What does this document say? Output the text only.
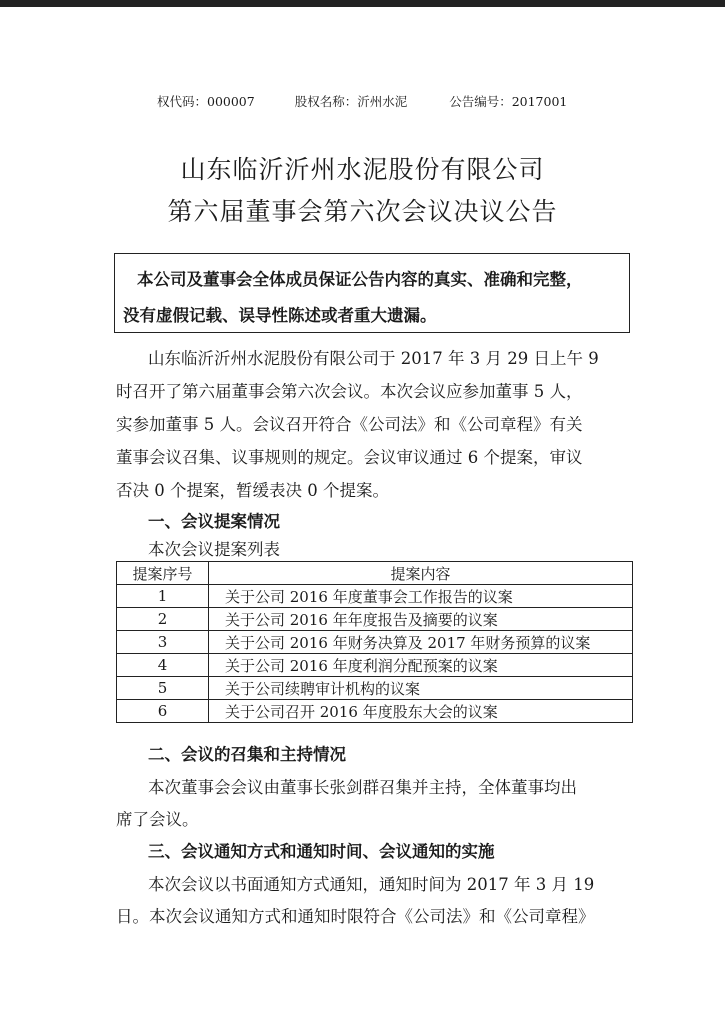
权代码：000007	股权名称：沂州水泥	公告编号：2017001
山东临沂沂州水泥股份有限公司
第六届董事会第六次会议决议公告
本公司及董事会全体成员保证公告内容的真实、准确和完整，
没有虚假记载、误导性陈述或者重大遗漏。
山东临沂沂州水泥股份有限公司于 2017 年 3 月 29 日上午 9
时召开了第六届董事会第六次会议。本次会议应参加董事 5 人，
实参加董事 5 人。会议召开符合《公司法》和《公司章程》有关
董事会议召集、议事规则的规定。会议审议通过 6 个提案，审议
否决 0 个提案，暂缓表决 0 个提案。
一、会议提案情况
本次会议提案列表
提案序号	提案内容
1	关于公司 2016 年度董事会工作报告的议案
2	关于公司 2016 年年度报告及摘要的议案
3	关于公司 2016 年财务决算及 2017 年财务预算的议案
4	关于公司 2016 年度利润分配预案的议案
5	关于公司续聘审计机构的议案
6	关于公司召开 2016 年度股东大会的议案
二、会议的召集和主持情况
本次董事会会议由董事长张剑群召集并主持，全体董事均出
席了会议。
三、会议通知方式和通知时间、会议通知的实施
本次会议以书面通知方式通知，通知时间为 2017 年 3 月 19
日。本次会议通知方式和通知时限符合《公司法》和《公司章程》
